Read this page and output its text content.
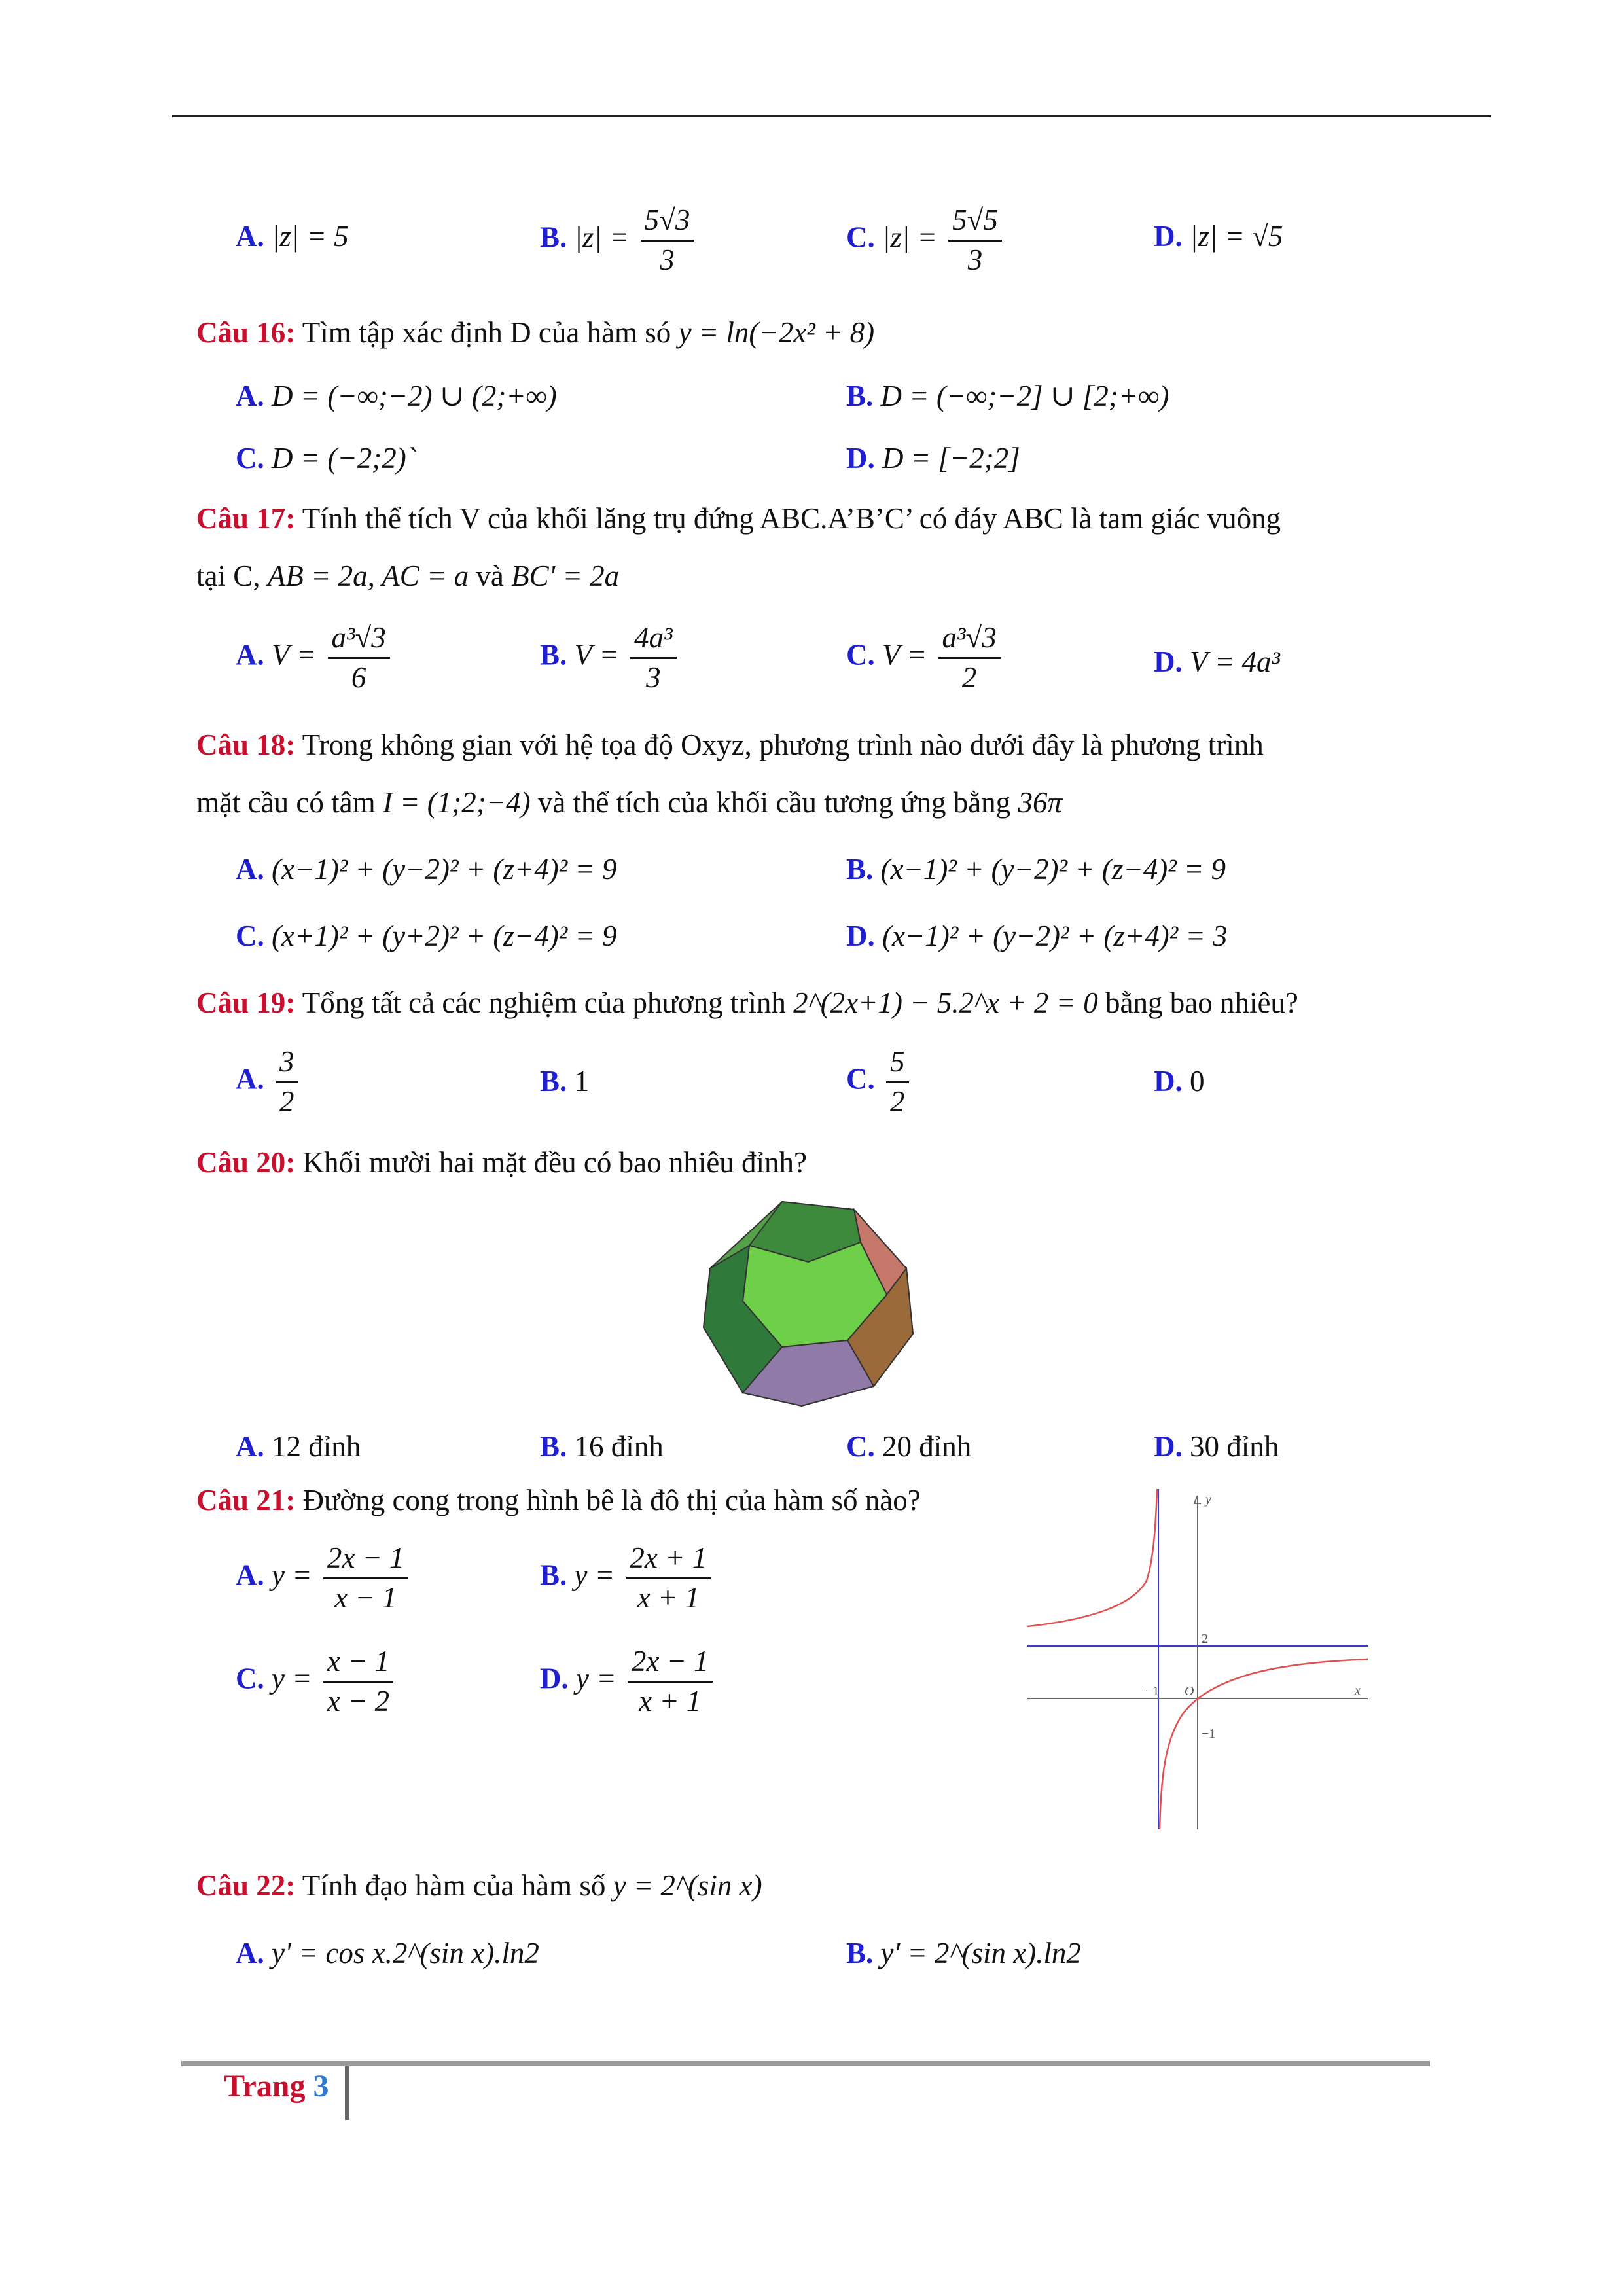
A. |z| = 5	B. $|z| = \frac{5√3}{3}$	C. $|z| = \frac{5√5}{3}$	D. |z| = √5
Câu 16: Tìm tập xác định D của hàm só y = ln(−2x² + 8)
A. D = (−∞;−2) ∪ (2;+∞)	B. D = (−∞;−2] ∪ [2;+∞)
C. D = (−2;2)`	D. D = [−2;2]
Câu 17: Tính thể tích V của khối lăng trụ đứng ABC.A’B’C’ có đáy ABC là tam giác vuông
tại C, AB = 2a, AC = a và BC' = 2a
A. $V = \frac{\text{a³√3}}{6}$	B. $V = \frac{\text{4a³}}{3}$	C. $V = \frac{\text{a³√3}}{2}$	D. V = 4a³
Câu 18: Trong không gian với hệ tọa độ Oxyz, phương trình nào dưới đây là phương trình
mặt cầu có tâm I = (1;2;−4) và thể tích của khối cầu tương ứng bằng 36π
A. (x−1)² + (y−2)² + (z+4)² = 9	B. (x−1)² + (y−2)² + (z−4)² = 9
C. (x+1)² + (y+2)² + (z−4)² = 9	D. (x−1)² + (y−2)² + (z+4)² = 3
Câu 19: Tổng tất cả các nghiệm của phương trình 2^(2x+1) − 5.2^x + 2 = 0 bằng bao nhiêu?
A. $\frac{3}{2}$	B. 1	C. $\frac{5}{2}$	D. 0
Câu 20: Khối mười hai mặt đều có bao nhiêu đỉnh?
A. 12 đỉnh	B. 16 đỉnh	C. 20 đỉnh	D. 30 đỉnh
Câu 21: Đường cong trong hình bê là đô thị của hàm số nào?
A. $y = \frac{2x - 1}{x - 1}$	B. $y = \frac{2x + 1}{x + 1}$
C. $y = \frac{x - 1}{x - 2}$	D. $y = \frac{2x - 1}{x + 1}$
y
x
O
2
−1
−1
Câu 22: Tính đạo hàm của hàm số y = 2^(sin x)
A. y' = cos x.2^(sin x).ln2	B. y' = 2^(sin x).ln2
Trang 3
